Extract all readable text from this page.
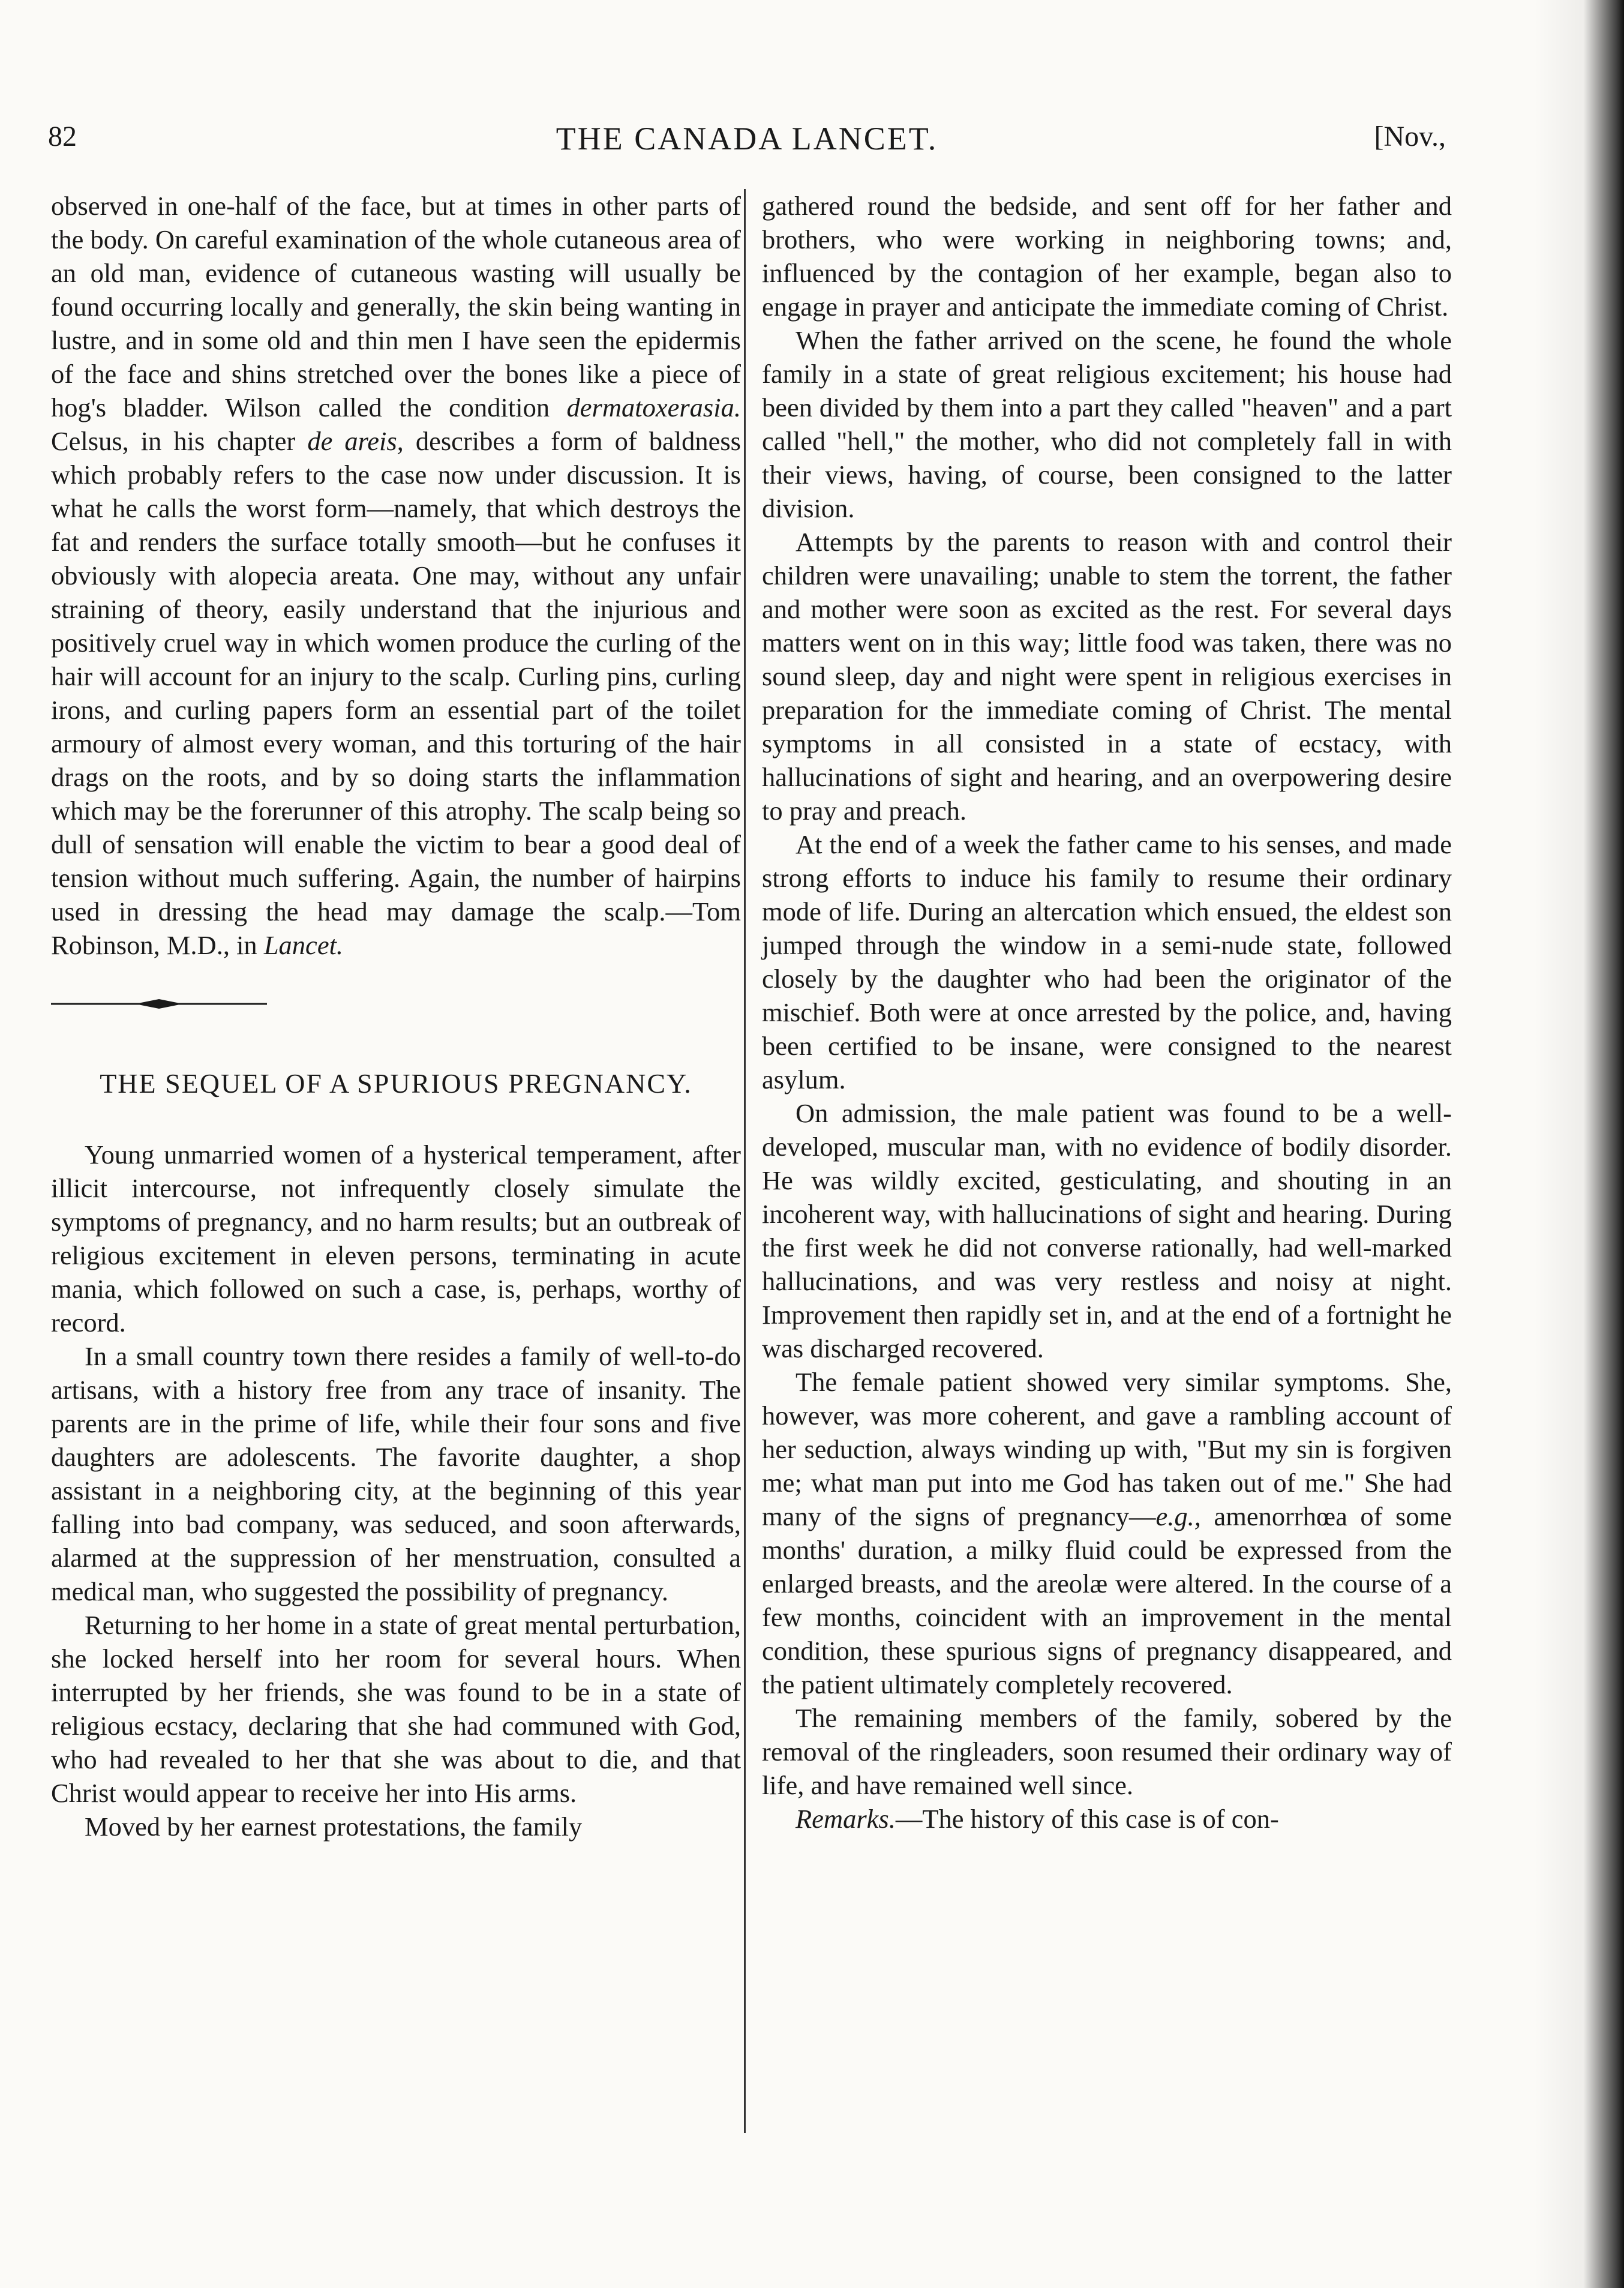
82	THE CANADA LANCET.	[Nov.,

observed in one-half of the face, but at times in other parts of the body. On careful examination of the whole cutaneous area of an old man, evidence of cutaneous wasting will usually be found occurring locally and generally, the skin being wanting in lustre, and in some old and thin men I have seen the epidermis of the face and shins stretched over the bones like a piece of hog's bladder. Wilson called the condition dermatoxerasia. Celsus, in his chapter de areis, describes a form of baldness which probably refers to the case now under discussion. It is what he calls the worst form—namely, that which destroys the fat and renders the surface totally smooth—but he confuses it obviously with alopecia areata. One may, without any unfair straining of theory, easily understand that the injurious and positively cruel way in which women produce the curling of the hair will account for an injury to the scalp. Curling pins, curling irons, and curling papers form an essential part of the toilet armoury of almost every woman, and this torturing of the hair drags on the roots, and by so doing starts the inflammation which may be the forerunner of this atrophy. The scalp being so dull of sensation will enable the victim to bear a good deal of tension without much suffering. Again, the number of hairpins used in dressing the head may damage the scalp.—Tom Robinson, M.D., in Lancet.

THE SEQUEL OF A SPURIOUS PREGNANCY.

Young unmarried women of a hysterical temperament, after illicit intercourse, not infrequently closely simulate the symptoms of pregnancy, and no harm results; but an outbreak of religious excitement in eleven persons, terminating in acute mania, which followed on such a case, is, perhaps, worthy of record.

In a small country town there resides a family of well-to-do artisans, with a history free from any trace of insanity. The parents are in the prime of life, while their four sons and five daughters are adolescents. The favorite daughter, a shop assistant in a neighboring city, at the beginning of this year falling into bad company, was seduced, and soon afterwards, alarmed at the suppression of her menstruation, consulted a medical man, who suggested the possibility of pregnancy.

Returning to her home in a state of great mental perturbation, she locked herself into her room for several hours. When interrupted by her friends, she was found to be in a state of religious ecstacy, declaring that she had communed with God, who had revealed to her that she was about to die, and that Christ would appear to receive her into His arms.

Moved by her earnest protestations, the family

gathered round the bedside, and sent off for her father and brothers, who were working in neighboring towns; and, influenced by the contagion of her example, began also to engage in prayer and anticipate the immediate coming of Christ.

When the father arrived on the scene, he found the whole family in a state of great religious excitement; his house had been divided by them into a part they called "heaven" and a part called "hell," the mother, who did not completely fall in with their views, having, of course, been consigned to the latter division.

Attempts by the parents to reason with and control their children were unavailing; unable to stem the torrent, the father and mother were soon as excited as the rest. For several days matters went on in this way; little food was taken, there was no sound sleep, day and night were spent in religious exercises in preparation for the immediate coming of Christ. The mental symptoms in all consisted in a state of ecstacy, with hallucinations of sight and hearing, and an overpowering desire to pray and preach.

At the end of a week the father came to his senses, and made strong efforts to induce his family to resume their ordinary mode of life. During an altercation which ensued, the eldest son jumped through the window in a semi-nude state, followed closely by the daughter who had been the originator of the mischief. Both were at once arrested by the police, and, having been certified to be insane, were consigned to the nearest asylum.

On admission, the male patient was found to be a well-developed, muscular man, with no evidence of bodily disorder. He was wildly excited, gesticulating, and shouting in an incoherent way, with hallucinations of sight and hearing. During the first week he did not converse rationally, had well-marked hallucinations, and was very restless and noisy at night. Improvement then rapidly set in, and at the end of a fortnight he was discharged recovered.

The female patient showed very similar symptoms. She, however, was more coherent, and gave a rambling account of her seduction, always winding up with, "But my sin is forgiven me; what man put into me God has taken out of me." She had many of the signs of pregnancy—e.g., amenorrhœa of some months' duration, a milky fluid could be expressed from the enlarged breasts, and the areolæ were altered. In the course of a few months, coincident with an improvement in the mental condition, these spurious signs of pregnancy disappeared, and the patient ultimately completely recovered.

The remaining members of the family, sobered by the removal of the ringleaders, soon resumed their ordinary way of life, and have remained well since.

Remarks.—The history of this case is of con-
